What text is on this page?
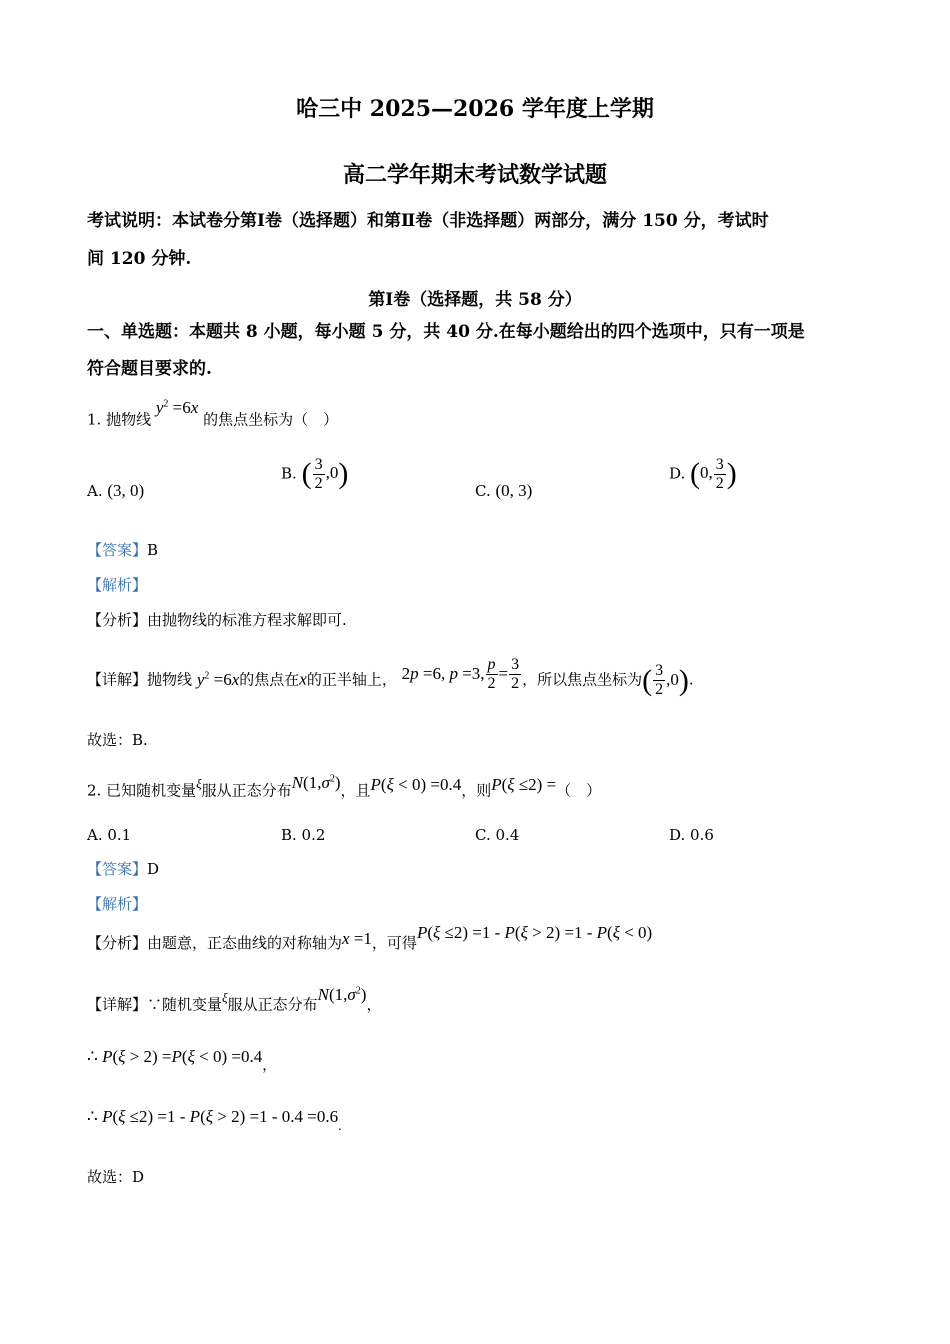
哈三中 2025—2026 学年度上学期
高二学年期末考试数学试题
考试说明：本试卷分第Ⅰ卷（选择题）和第Ⅱ卷（非选择题）两部分，满分 150 分，考试时
间 120 分钟.
第Ⅰ卷（选择题，共 58 分）
一、单选题：本题共 8 小题，每小题 5 分，共 40 分.在每小题给出的四个选项中，只有一项是
符合题目要求的.
1. 抛物线 $y^2 =6x$ 的焦点坐标为（　）
A. (3, 0)
B. ( $\frac{3}{2} ,0$)
C. (0, 3)
D. (0, $\frac{3}{2}$ )
【答案】B
【解析】
【分析】由抛物线的标准方程求解即可.
【详解】抛物线 $y^2 =6x$的焦点在x的正半轴上， 2p =6, p =3, $\frac{p}{2} = \frac{3}{2}$ ，所以焦点坐标为( $\frac{3}{2} ,0$).
故选：B.
2. 已知随机变量ξ服从正态分布$N(1,\sigma^2)$，且P(ξ < 0) =0.4，则P(ξ ≤2) =（　）
A. 0.1	B. 0.2	C. 0.4	D. 0.6
【答案】D
【解析】
【分析】由题意，正态曲线的对称轴为x =1，可得P(ξ ≤2) =1 - P(ξ > 2) =1 - P(ξ < 0)
【详解】∵随机变量ξ服从正态分布$N(1,\sigma^2)$，
∴ $P(\xi > 2) =P(\xi < 0) =0.4_,$
∴ $P(\xi \le 2) =1 - P(\xi > 2) =1 - 0.4 =0.6_.$
故选：D
